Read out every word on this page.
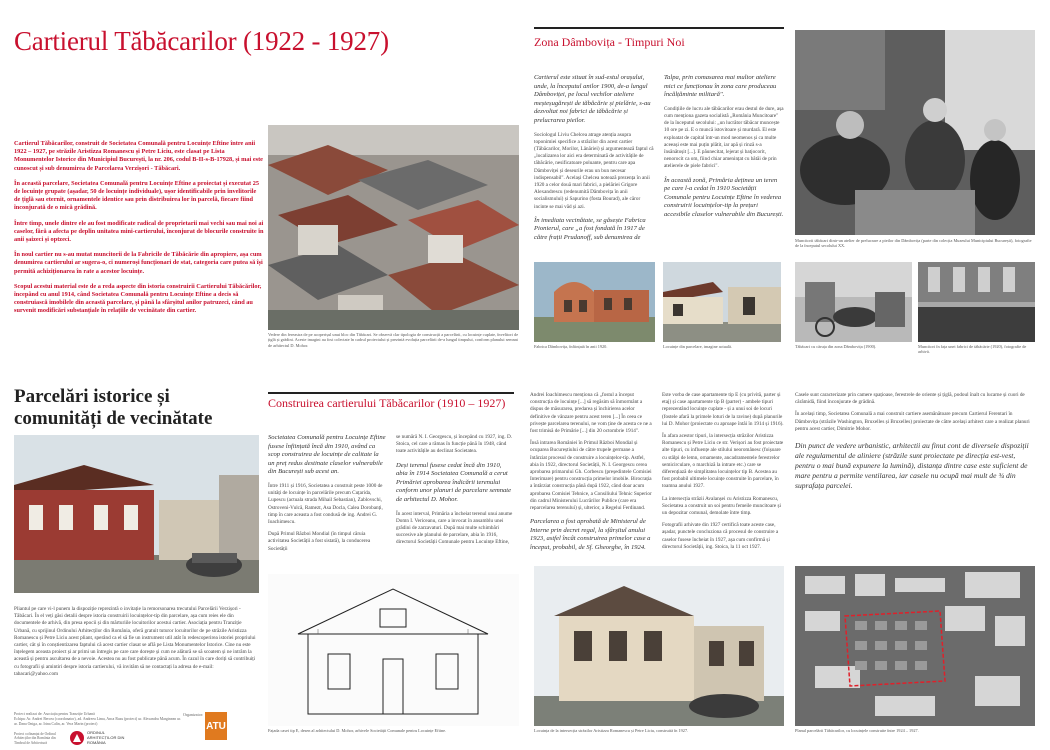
Cartierul Tăbăcarilor (1922 - 1927)

Cartierul Tăbăcarilor, construit de Societatea Comunală pentru Locuințe Eftine între anii 1922 – 1927, pe străzile Aristizza Romanescu și Petre Liciu, este clasat pe Lista Monumentelor Istorice din Municipiul București, la nr. 206, codul B-II-s-B-17928, și mai este cunoscut și sub denumirea de Parcelarea Verzișori - Tăbăcari.

În această parcelare, Societatea Comunală pentru Locuințe Eftine a proiectat și executat 25 de locuințe grupate (așadar, 50 de locuințe individuale), ușor identificabile prin învelitorile de țiglă sau eternit, ornamentele identice sau prin distribuirea lor în parcelă, fiecare fiind înconjurată de o mică grădină.

Între timp, unele dintre ele au fost modificate radical de proprietarii mai vechi sau mai noi ai caselor, fără a afecta pe deplin unitatea mini-cartierului, înconjurat de blocurile construite în anii șaizeci și optzeci.

În noul cartier nu s-au mutat muncitorii de la Fabricile de Tăbăcărie din apropiere, așa cum denumirea cartierului ar sugera-o, ci numeroși funcționari de stat, categoria care putea să își permită achiziționarea în rate a acestor locuințe.

Scopul acestui material este de a reda aspecte din istoria construirii Cartierului Tăbăcărilor, începând cu anul 1914, când Societatea Comunală pentru Locuințe Eftine a decis să construiască imobilele din această parcelare, și până la sfârșitul anilor patruzeci, când au survenit modificări substanțiale în relațiile de vecinătate din cartier.

Vedere din fereastra de pe acoperișul unui bloc din Tăbăcari. Se observă clar tipologia de construcții a parcelării, cu locuințe cuplate, învelitori de țiglă și grădini. Aceste imagini au fost colectate în cadrul proiectului și prezintă evoluția parcelării de-a lungul timpului, conform planului semnat de arhitectul D. Mohor.
Zona Dâmbovița - Timpuri Noi
Cartierul este situat în sud-estul orașului, unde, la începutul anilor 1900, de-a lungul Dâmboviței, pe locul vechilor ateliere meșteșugărești de tăbăcărie și pielărie, s-au dezvoltat noi fabrici de tăbăcărie și prelucrarea pieilor.
Sociologul Liviu Chelcea atrage atenția asupra toponimiei specifice a străzilor din acest cartier (Tăbăcarilor, Morilor, Lânăriei) și argumentează faptul că „localizarea lor aici era determinată de activitățile de tăbăcărie, nesificatoare poluante, pentru care apa Dâmboviței și deseurile erau un bun necesar indispensabil". Același Chelcea notează prezența în anii 1920 a celor două mari fabrici, a pielăriei Grigore Alexandrescu (redenumită Dâmbovița în anii socialismului) și Sapurino (fosta Bourad), ale căror incinte se mai văd și azi.
În imediata vecinătate, se găsește Fabrica Pionierul, care „a fost fondată în 1917 de către frații Prudanoff, sub denumirea de
Talpa, prin comasarea mai multor ateliere mici ce funcționau în zona care produceau încălțăminte militară".
Condițiile de lucru ale tăbăcarilor erau destul de dure, așa cum menționa gazeta socialistă „România Muncitoare" de la începutul secolului: „un lucrător tăbăcar muncește 10 ore pe zi. E o muncă istovitoare și murdară. El este exploatat de capital într-un mod neomenos și ca multe aceeași este mai puțin plătit, iar apă și rinză s-a însănătoșit [...]. E păunecitat, lejerat și batjocorit, nenorocit ca om, fiind chiar amenințat cu bătăi de prin atelierele de piele fabrici".
În această zonă, Primăria deținea un teren pe care l-a cedat în 1910 Societății Comunale pentru Locuințe Eftine în vederea construirii locuințelor-tip la prețuri accesibile claselor vulnerabile din București.
Muncitorii tăbăcari dintr-un atelier de prelucrare a pieilor din Dâmbovița (parte din colecția Muzeului Municipiului București), fotografie de la începutul secolului XX.
Fabrica Dâmbovița, înființată în anii 1920.	Locuințe din parcelare, imagine actuală.	Tăbăcari cu căruța din zona Dâmbovița (1900).	Muncitori în fața unei fabrici de tăbăcărie (1920), fotografie de arhivă.
Parcelări istorice și comunități de vecinătate
Construirea cartierului Tăbăcarilor (1910 – 1927)
Societatea Comunală pentru Locuințe Eftine fusese înființată încă din 1910, având ca scop construirea de locuințe de calitate la un preț redus destinate claselor vulnerabile din București sub acest an.
Între 1911 și 1916, Societatea a construit peste 1000 de unități de locuințe în parcelările precum Cuțarida, Lupescu (actuala strada Mihail Sebastian), Zablovschi, Ostroveni-Vulcă, Ramezt, Asa Docla, Calea Dorobanți, timp în care aceasta a fost condusă de ing. Andrei G. Ioachimescu.
După Primul Război Mondial (în timpul căruia activitatea Societății a fost sistată), la conducerea Societății
se numără N. I. Georgescu, și începând cu 1927, ing. D. Stoica, cel care a rămas în funcție până în 1948, când toate activitățile au declinat Societatea.
Deși terenul fusese cedat încă din 1910, abia în 1914 Societatea Comunală a cerut Primăriei aprobarea îndicării terenului conform unor planuri de parcelare semnate de arhitectul D. Mohor.
În acest interval, Primăria a încheiat terenul unui anume Domn I. Vericeanu, care a invocat în ansamblu unei grădini de zarzavaturi. După mai multe schimbări succesive ale planului de parcelare, abia în 1916, directorul Societății Comunale pentru Locuințe Eftine,
Andrei Ioachimescu menționa că „fostul a început construcția de locuințe [...] să regăsim să înmormânt a dispus de măsurarea, predarea și închirierea acelor definitive de vânzare pentru acest teren [...] În ceea ce privește parcelarea terenului, ne vom ține de acesta ce ne a fost trimisă de Primărie [...] din 20 octombrie 1914".
Însă intrarea României în Primul Război Mondial și ocuparea Bucureștiului de către trupele germane a întârziat procesul de construire a locuințelor-tip. Astfel, abia în 1922, directorul Societății, N. I. Georgescu cerea aprobarea primarului Gh. Corbescu (președintele Comisiei Interimare) pentru construcția primelor imobile. Birocrația a întârziat construcția până după 1922, când doar acum aprobarea Comisiei Tehnice, a Consiliului Tehnic Superior din cadrul Ministerului Lucrărilor Publice (care era reparcelarea terenului) și, ulterior, a Regelui Ferdinand.
Parcelarea a fost aprobată de Ministerul de Interne prin decret regal, la sfârșitul anului 1923, astfel încât construirea primelor case a început, probabil, de Sf. Gheorghe, în 1924.
Este vorba de case apartamente tip E (cu privită, parter și etaj) și case apartamente tip B (parter) - ambele tipuri reprezentând locuințe cuplate - și a unui soi de locuri (fostele afară la primele loturi de la ravine) după planurile lui D. Mohor (proiectate cu aproape întâi în 1914 și 1916).
În afara acestor tipuri, la intersecția străzilor Aristizza Romanescu și Petre Liciu ce str. Verișori au fost proiectate alte tipuri, cu influențe ale stilului neoromânesc (foișoare cu stâlpi de lemn, ornamente, ancadramentele ferestrelor semicirculare, o marchiză la intrare etc.) care se diferențiază de simplitatea locuințelor tip B. Acestea au fost probabil ultimele locuințe construite în parcelare, în toamna anului 1927.
La intersecția străzii Avalanșei cu Aristizza Romanescu, Societatea a construit un soi pentru femeile muncitoare și un depozitar comunal, demolate între timp.
Fotografii arhivate din 1927 certifică toate aceste case, așadar, punctele concluziona că procesul de construire a caselor fusese încheiat în 1927, așa cum confirmă și directorul Societății, ing. Stoica, la 11 oct 1927.
Casele sunt caracterizate prin camere spațioase, ferestrele de oriente și țiglă, podoul înalt cu lucarne și cuori de cărămidă, fiind înconjurate de grădină.
În același timp, Societatea Comunală a mai construit cartiere asemănătoare precum Cartierul Ferentari în Dâmbovița (străzile Washington, Bruxelles și Bruxelles) proiectate de către același arhitect care a realizat planuri pentru acest cartier, Dimitrie Mohor.
Din punct de vedere urbanistic, arhitectii au finut cont de diversele dispoziții ale regulamentul de aliniere (străzile sunt proiectate pe direcția est-vest, pentru o mai bună expunere la lumină), distanța dintre case este suficient de mare pentru a permite ventilarea, iar casele nu ocupă mai mult de ¾ din suprafața parcelei.
Pliantul pe care vi-l punem la dispoziție reprezintă o invitație la remorsonarea trecutului Parcelării Verzișori - Tăbăcari. În el veți găsi detalii despre istoria construirii locuințelor-tip din parcelare, așa cum reies ele din documentele de arhivă, din presa epocii și din mărturiile locuitorilor acestui cartier. Asociația pentru Tranziție Urbană, cu sprijinul Ordinului Arhitecților din România, oferă gratuit tuturor locuitorilor de pe străzile Aristizza Romanescu și Petre Liciu acest pliant, sperând ca el să fie un instrument util atât în redescoperirea istoriei propriului cartier, cât și în conștientizarea faptului că acest cartier clasat se află pe Lista Monumentelor Istorice. Cine nu este înțelegem aceasta proiect și ar primi un întregis pe care care dorește și cum ne alătură se să scoatem și ne intrăm la această și pentru ascultarea de a nevoie. Acestea nu au fost publicate până acum. În cazul în care doriți să contribuiți cu fotografii și amintiri despre istoria cartierului, vă invităm să ne contactați la adresa de e-mail: tabacari@yahoo.com
Proiect realizat de: Asociația pentru Tranziție Urbană
Echipa: Ar. Andrei Bercea (coordonator), ad. Andreea Lima, Anca Rusu (proiect) ur. Alexandru Marginean ur.
ar. Dana Oniga, ar. Irina Calin, ar. Vera Marin (proiect)
Proiect cofinanțat de Ordinul Arhitecților din România din Timbrul de Arhitectură
ORDINUL ARHITECȚILOR DIN ROMÂNIA
Organizator:
ATU	Fațada casei tip E, desen al arhitectului D. Mohor, arhivele Societății Comunale pentru Locuințe Eftine.	Locuința de la intersecția străzilor Aristizza Romanescu și Petre Liciu, construită în 1927.	Planul parcelării Tăbăcarilor, cu locuințele construite între 1924 – 1927.
